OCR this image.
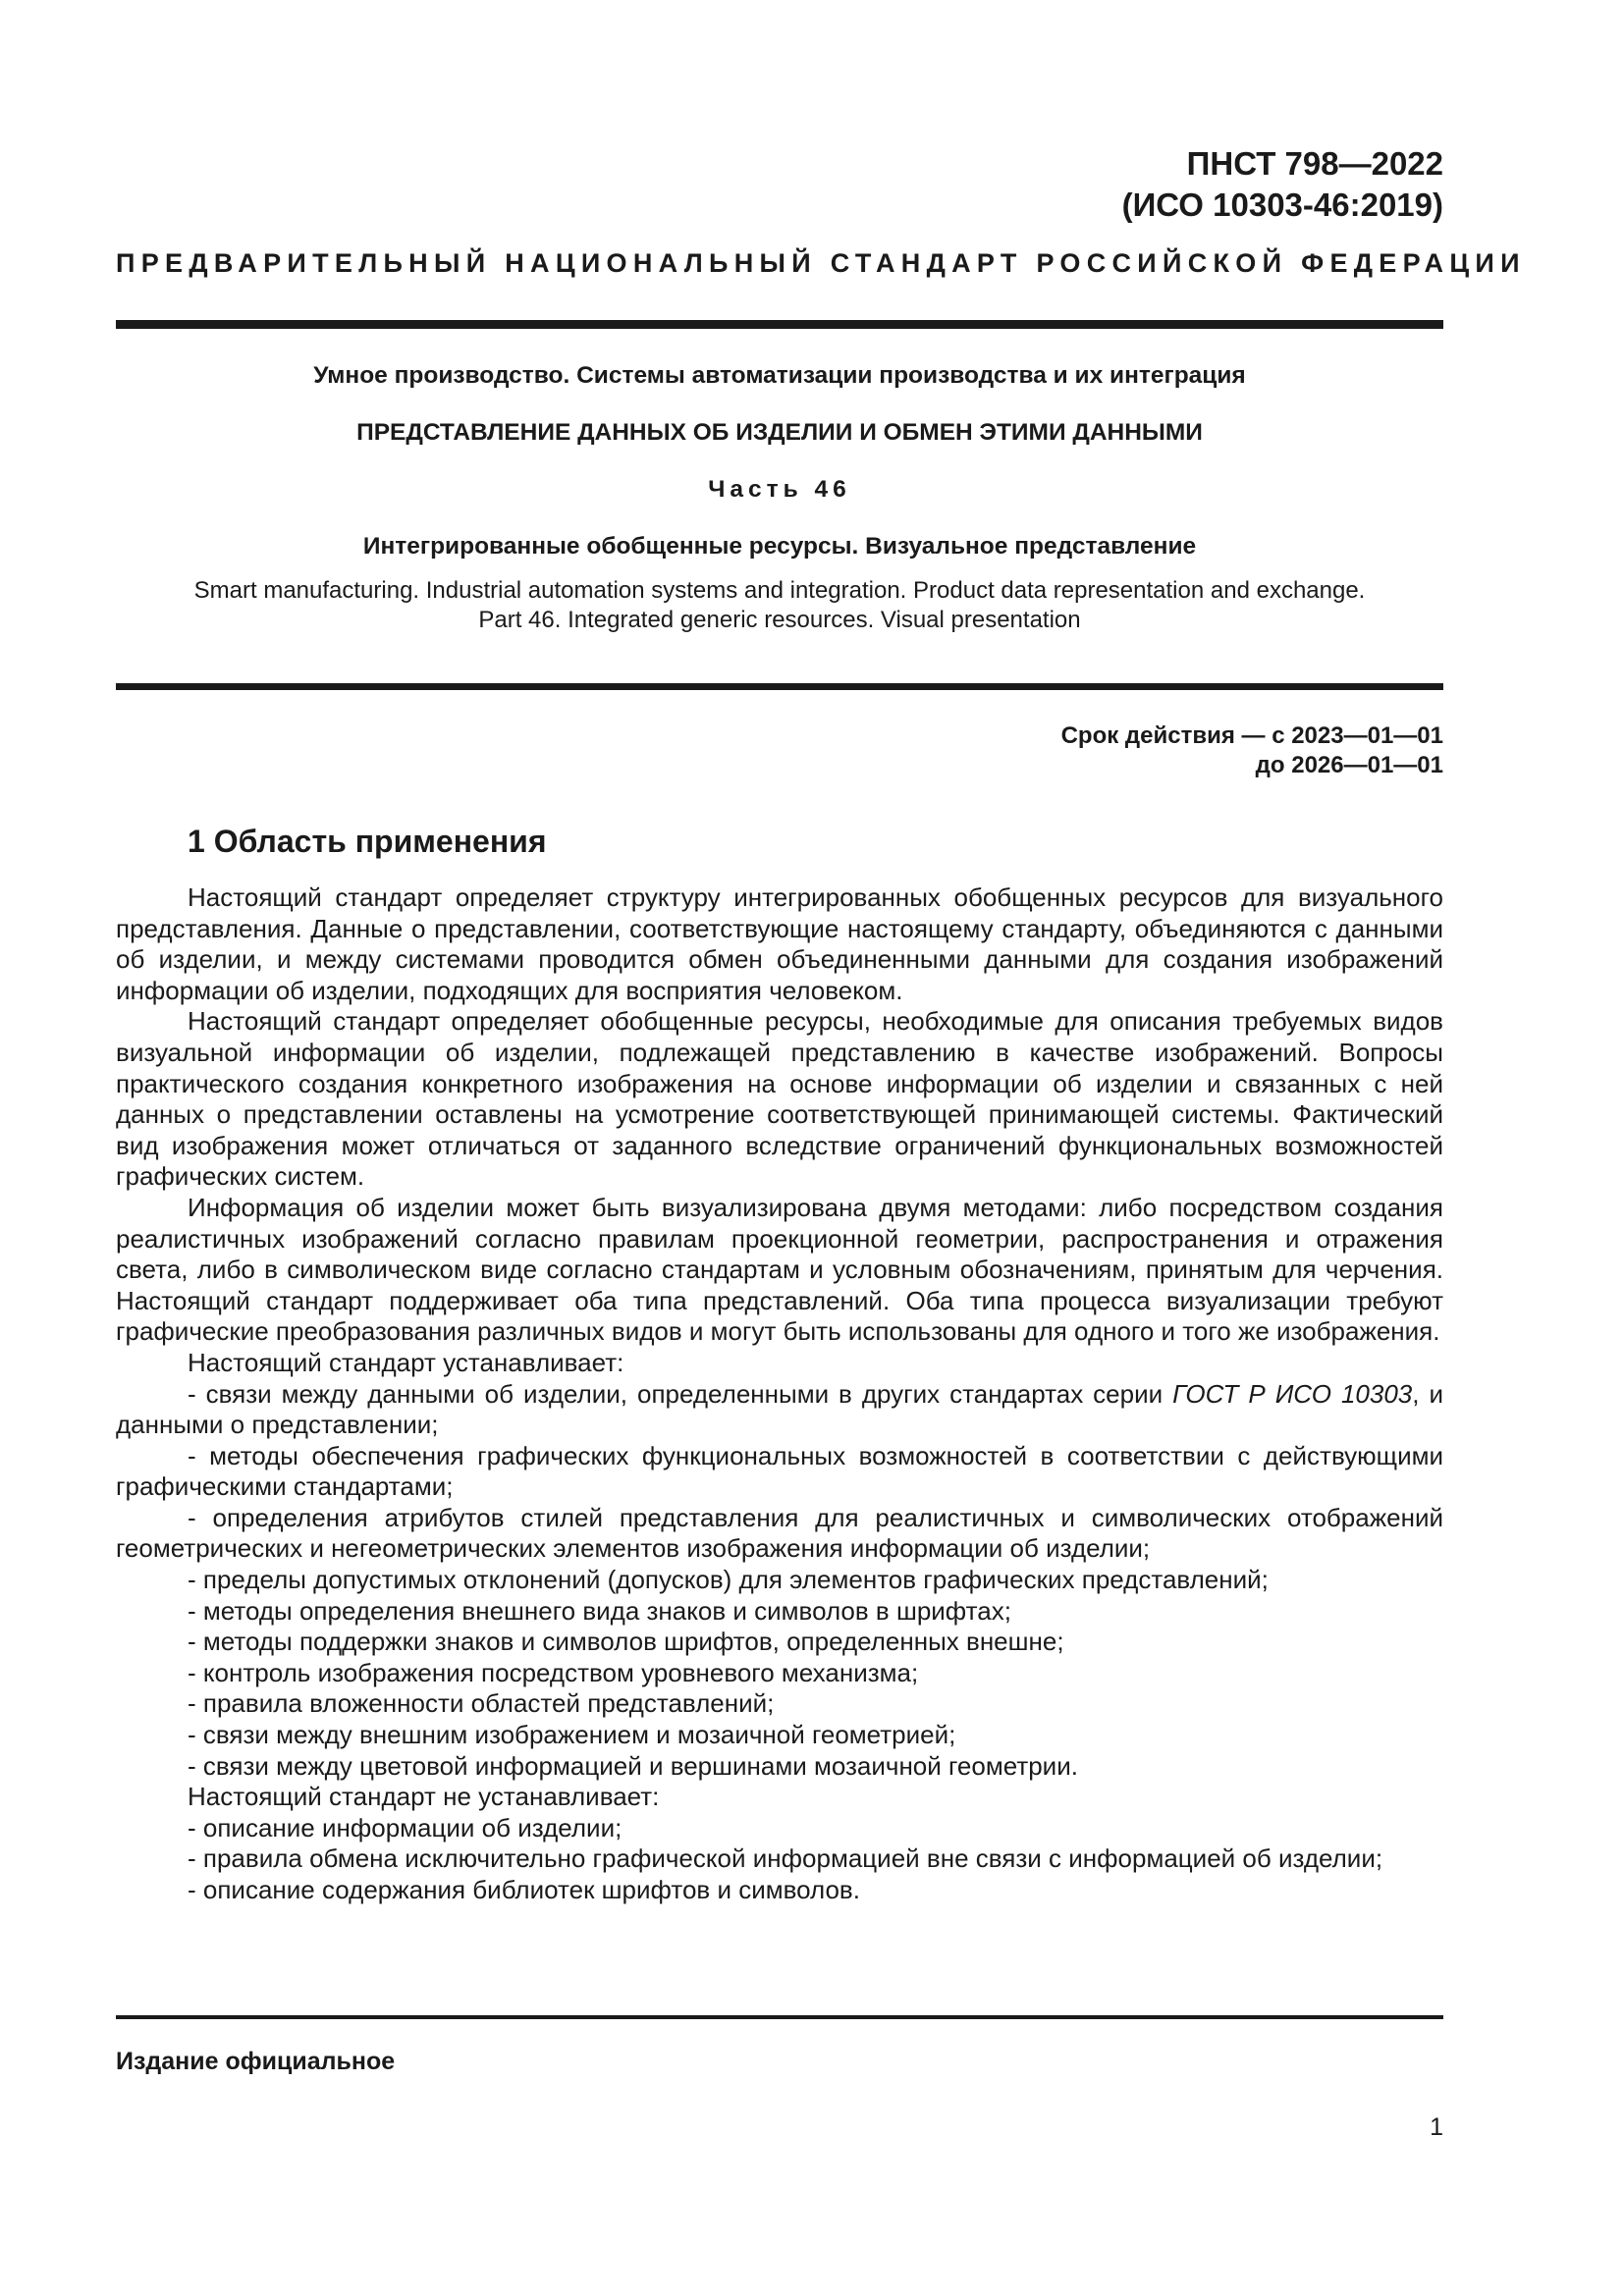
ПНСТ 798—2022
(ИСО 10303-46:2019)
ПРЕДВАРИТЕЛЬНЫЙ НАЦИОНАЛЬНЫЙ СТАНДАРТ РОССИЙСКОЙ ФЕДЕРАЦИИ
Умное производство. Системы автоматизации производства и их интеграция
ПРЕДСТАВЛЕНИЕ ДАННЫХ ОБ ИЗДЕЛИИ И ОБМЕН ЭТИМИ ДАННЫМИ
Часть 46
Интегрированные обобщенные ресурсы. Визуальное представление
Smart manufacturing. Industrial automation systems and integration. Product data representation and exchange.
Part 46. Integrated generic resources. Visual presentation
Срок действия — с 2023—01—01
до 2026—01—01
1 Область применения

Настоящий стандарт определяет структуру интегрированных обобщенных ресурсов для визуального представления. Данные о представлении, соответствующие настоящему стандарту, объединяются с данными об изделии, и между системами проводится обмен объединенными данными для создания изображений информации об изделии, подходящих для восприятия человеком.

Настоящий стандарт определяет обобщенные ресурсы, необходимые для описания требуемых видов визуальной информации об изделии, подлежащей представлению в качестве изображений. Вопросы практического создания конкретного изображения на основе информации об изделии и связанных с ней данных о представлении оставлены на усмотрение соответствующей принимающей системы. Фактический вид изображения может отличаться от заданного вследствие ограничений функциональных возможностей графических систем.

Информация об изделии может быть визуализирована двумя методами: либо посредством создания реалистичных изображений согласно правилам проекционной геометрии, распространения и отражения света, либо в символическом виде согласно стандартам и условным обозначениям, принятым для черчения. Настоящий стандарт поддерживает оба типа представлений. Оба типа процесса визуализации требуют графические преобразования различных видов и могут быть использованы для одного и того же изображения.

Настоящий стандарт устанавливает:

- связи между данными об изделии, определенными в других стандартах серии ГОСТ Р ИСО 10303, и данными о представлении;

- методы обеспечения графических функциональных возможностей в соответствии с действующими графическими стандартами;

- определения атрибутов стилей представления для реалистичных и символических отображений геометрических и негеометрических элементов изображения информации об изделии;

- пределы допустимых отклонений (допусков) для элементов графических представлений;

- методы определения внешнего вида знаков и символов в шрифтах;

- методы поддержки знаков и символов шрифтов, определенных внешне;

- контроль изображения посредством уровневого механизма;

- правила вложенности областей представлений;

- связи между внешним изображением и мозаичной геометрией;

- связи между цветовой информацией и вершинами мозаичной геометрии.

Настоящий стандарт не устанавливает:

- описание информации об изделии;

- правила обмена исключительно графической информацией вне связи с информацией об изделии;

- описание содержания библиотек шрифтов и символов.

Издание официальное
1
